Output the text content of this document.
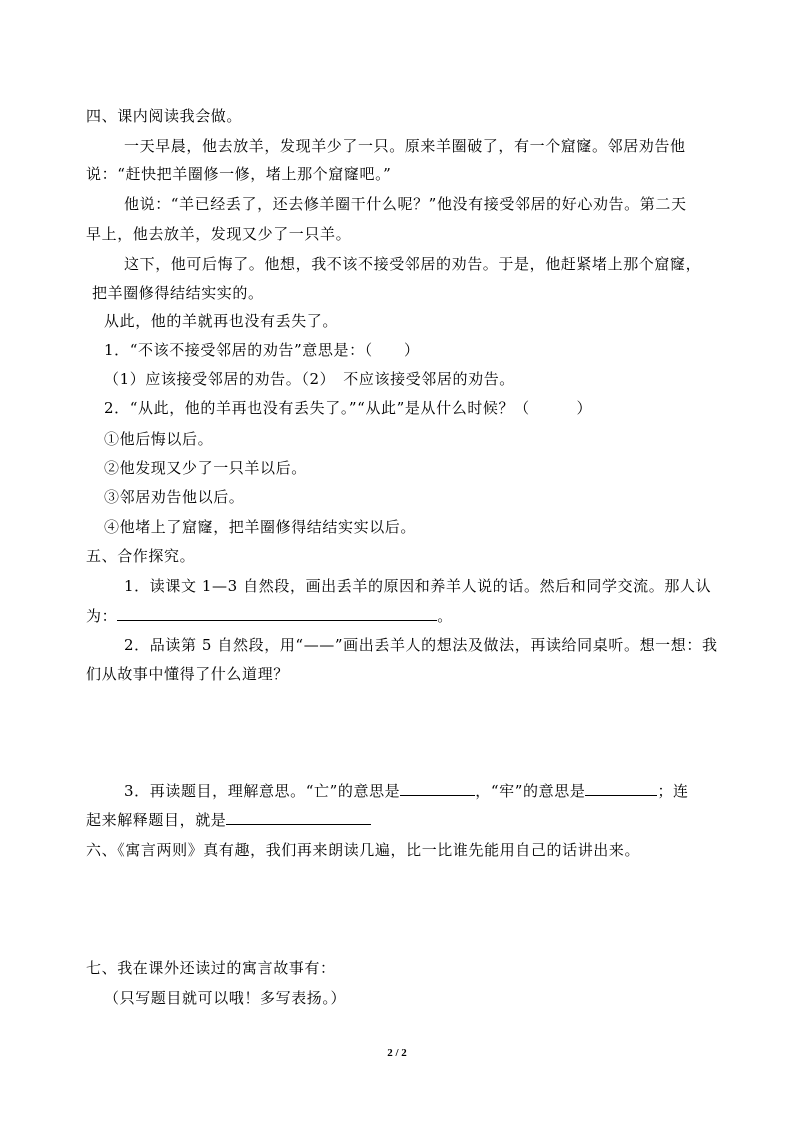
四、课内阅读我会做。
一天早晨，他去放羊，发现羊少了一只。原来羊圈破了，有一个窟窿。邻居劝告他
说：“赶快把羊圈修一修，堵上那个窟窿吧。”
他说：“羊已经丢了，还去修羊圈干什么呢？”他没有接受邻居的好心劝告。第二天
早上，他去放羊，发现又少了一只羊。
这下，他可后悔了。他想，我不该不接受邻居的劝告。于是，他赶紧堵上那个窟窿，
把羊圈修得结结实实的。
从此，他的羊就再也没有丢失了。
1．“不该不接受邻居的劝告”意思是：（　　）
（1）应该接受邻居的劝告。（2）　不应该接受邻居的劝告。
2．“从此，他的羊再也没有丢失了。”“从此”是从什么时候？（　　　）
①他后悔以后。
②他发现又少了一只羊以后。
③邻居劝告他以后。
④他堵上了窟窿，把羊圈修得结结实实以后。
五、合作探究。
1．读课文 1—3 自然段，画出丢羊的原因和养羊人说的话。然后和同学交流。那人认
为：	。
2．品读第 5 自然段，用“——”画出丢羊人的想法及做法，再读给同桌听。想一想：我
们从故事中懂得了什么道理？
3．再读题目，理解意思。“亡”的意思是	，“牢”的意思是	；连
起来解释题目，就是
六、《寓言两则》真有趣，我们再来朗读几遍，比一比谁先能用自己的话讲出来。
七、我在课外还读过的寓言故事有：
（只写题目就可以哦！多写表扬。）
2 / 2
